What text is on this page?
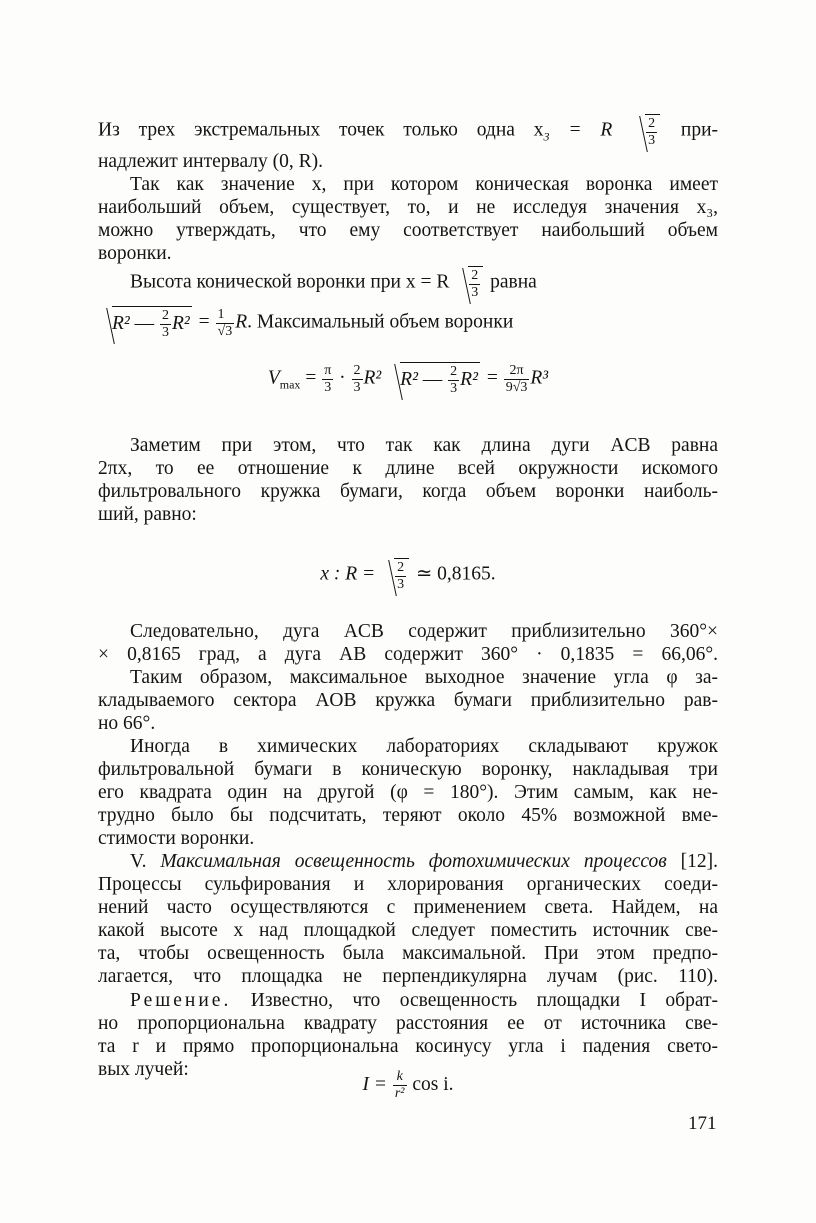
Из трех экстремальных точек только одна $x_3 = R \frac{2}{3} при-$
надлежит интервалу (0, R).
Так как значение x, при котором коническая воронка имеет
наибольший объем, существует, то, и не исследуя значения x₃,
можно утверждать, что ему соответствует наибольший объем
воронки.
Высота конической воронки при x = R $\frac{2}{3}$ равна
R² — $\frac{2}{3} R^2 = \frac{1}{√3} R$. Максимальный объем воронки
$V_{max} = \frac{\pi}{3} \cdot \frac{2}{3} R^2$ R² — $\frac{2}{3} R^2 = \frac{2\pi}{9√3} R^3$
Заметим при этом, что так как длина дуги ACB равна
2πx, то ее отношение к длине всей окружности искомого
фильтровального кружка бумаги, когда объем воронки наиболь-
ший, равно:
x : $R = \frac{2}{3}$ ≃ 0,8165.
Следовательно, дуга ACB содержит приблизительно 360°×
× 0,8165 град, а дуга AB содержит 360° · 0,1835 = 66,06°.
Таким образом, максимальное выходное значение угла φ за-
кладываемого сектора AOB кружка бумаги приблизительно рав-
но 66°.
Иногда в химических лабораториях складывают кружок
фильтровальной бумаги в коническую воронку, накладывая три
его квадрата один на другой (φ = 180°). Этим самым, как не-
трудно было бы подсчитать, теряют около 45% возможной вме-
стимости воронки.
V. Максимальная освещенность фотохимических процессов [12].
Процессы сульфирования и хлорирования органических соеди-
нений часто осуществляются с применением света. Найдем, на
какой высоте x над площадкой следует поместить источник све-
та, чтобы освещенность была максимальной. При этом предпо-
лагается, что площадка не перпендикулярна лучам (рис. 110).
Решение. Известно, что освещенность площадки I обрат-
но пропорциональна квадрату расстояния ее от источника све-
та r и прямо пропорциональна косинусу угла i падения свето-
вых лучей:
$I = \frac{k}{\text{r²}}$ cos i.
171
